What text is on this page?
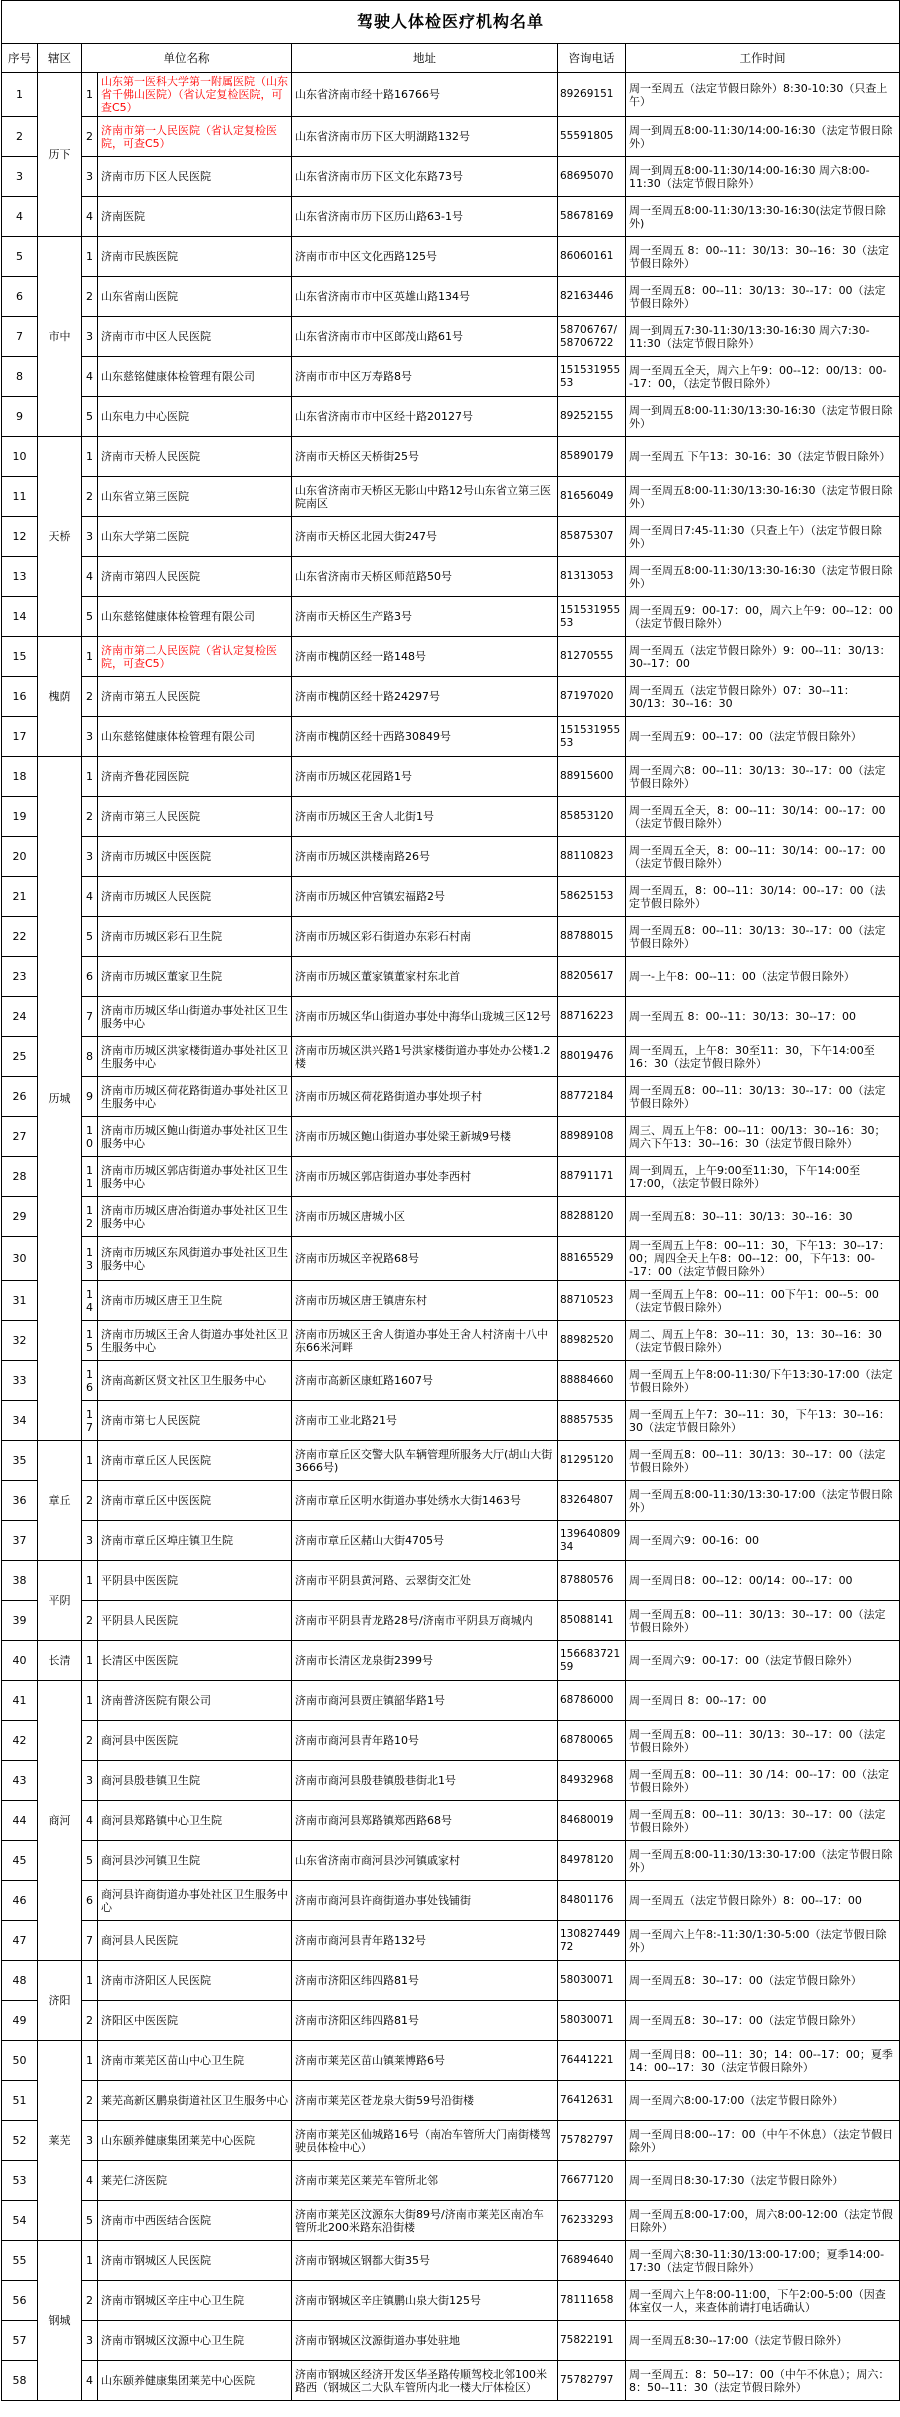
驾驶人体检医疗机构名单						
序号	辖区	单位名称		地址	咨询电话	工作时间
1	历下	1	山东第一医科大学第一附属医院（山东省千佛山医院）（省认定复检医院，可查C5）	山东省济南市经十路16766号	89269151	周一至周五（法定节假日除外）8:30-10:30（只查上午）
2		2	济南市第一人民医院（省认定复检医院，可查C5）	山东省济南市历下区大明湖路132号	55591805	周一到周五8:00-11:30/14:00-16:30（法定节假日除外）
3		3	济南市历下区人民医院	山东省济南市历下区文化东路73号	68695070	周一到周五8:00-11:30/14:00-16:30 周六8:00-11:30（法定节假日除外）
4		4	济南医院	山东省济南市历下区历山路63-1号	58678169	周一至周五8:00-11:30/13:30-16:30(法定节假日除外)
5	市中	1	济南市民族医院	济南市市中区文化西路125号	86060161	周一至周五 8：00--11：30/13：30--16：30（法定节假日除外）
6		2	山东省南山医院	山东省济南市市中区英雄山路134号	82163446	周一至周五8：00--11：30/13：30--17：00（法定节假日除外）
7		3	济南市市中区人民医院	山东省济南市市中区郎茂山路61号	58706767/58706722	周一到周五7:30-11:30/13:30-16:30 周六7:30-11:30（法定节假日除外）
8		4	山东慈铭健康体检管理有限公司	济南市市中区万寿路8号	15153195553	周一至周五全天，周六上午9：00--12：00/13：00--17：00，（法定节假日除外）
9		5	山东电力中心医院	山东省济南市市中区经十路20127号	89252155	周一到周五8:00-11:30/13:30-16:30（法定节假日除外）
10	天桥	1	济南市天桥人民医院	济南市天桥区天桥街25号	85890179	周一至周五 下午13：30-16：30（法定节假日除外）
11		2	山东省立第三医院	山东省济南市天桥区无影山中路12号山东省立第三医院南区	81656049	周一至周五8:00-11:30/13:30-16:30（法定节假日除外）
12		3	山东大学第二医院	济南市天桥区北园大街247号	85875307	周一至周日7:45-11:30（只查上午）（法定节假日除外）
13		4	济南市第四人民医院	山东省济南市天桥区师范路50号	81313053	周一至周五8:00-11:30/13:30-16:30（法定节假日除外）
14		5	山东慈铭健康体检管理有限公司	济南市天桥区生产路3号	15153195553	周一至周五9：00-17：00，周六上午9：00--12：00（法定节假日除外）
15	槐荫	1	济南市第二人民医院（省认定复检医院，可查C5）	济南市槐荫区经一路148号	81270555	周一至周五（法定节假日除外）9：00--11：30/13：30--17：00
16		2	济南市第五人民医院	济南市槐荫区经十路24297号	87197020	周一至周五（法定节假日除外）07：30--11：30/13：30--16：30
17		3	山东慈铭健康体检管理有限公司	济南市槐荫区经十西路30849号	15153195553	周一至周五9：00--17：00（法定节假日除外）
18	历城	1	济南齐鲁花园医院	济南市历城区花园路1号	88915600	周一至周六8：00--11：30/13：30--17：00（法定节假日除外）
19		2	济南市第三人民医院	济南市历城区王舍人北街1号	85853120	周一至周五全天，8：00--11：30/14：00--17：00（法定节假日除外）
20		3	济南市历城区中医医院	济南市历城区洪楼南路26号	88110823	周一至周五全天，8：00--11：30/14：00--17：00（法定节假日除外）
21		4	济南市历城区人民医院	济南市历城区仲宫镇宏福路2号	58625153	周一至周五，8：00--11：30/14：00--17：00（法定节假日除外）
22		5	济南市历城区彩石卫生院	济南市历城区彩石街道办东彩石村南	88788015	周一至周五8：00--11：30/13：30--17：00（法定节假日除外）
23		6	济南市历城区董家卫生院	济南市历城区董家镇董家村东北首	88205617	周一-上午8：00--11：00（法定节假日除外）
24		7	济南市历城区华山街道办事处社区卫生服务中心	济南市历城区华山街道办事处中海华山珑城三区12号	88716223	周一至周五 8：00--11：30/13：30--17：00
25		8	济南市历城区洪家楼街道办事处社区卫生服务中心	济南市历城区洪兴路1号洪家楼街道办事处办公楼1.2楼	88019476	周一至周五，上午8：30至11：30，下午14:00至16：30（法定节假日除外）
26		9	济南市历城区荷花路街道办事处社区卫生服务中心	济南市历城区荷花路街道办事处坝子村	88772184	周一至周五8：00--11：30/13：30--17：00（法定节假日除外）
27		10	济南市历城区鲍山街道办事处社区卫生服务中心	济南市历城区鲍山街道办事处梁王新城9号楼	88989108	周三、周五上午8：00--11：00/13：30--16：30；周六下午13：30--16：30（法定节假日除外）
28		11	济南市历城区郭店街道办事处社区卫生服务中心	济南市历城区郭店街道办事处李西村	88791171	周一到周五，上午9:00至11:30，下午14:00至17:00，（法定节假日除外）
29		12	济南市历城区唐冶街道办事处社区卫生服务中心	济南市历城区唐城小区	88288120	周一至周五8：30--11：30/13：30--16：30
30		13	济南市历城区东风街道办事处社区卫生服务中心	济南市历城区辛祝路68号	88165529	周一至周五上午8：00--11：30，下午13：30--17：00；周四全天上午8：00--12：00，下午13：00--17：00（法定节假日除外）
31		14	济南市历城区唐王卫生院	济南市历城区唐王镇唐东村	88710523	周一至周五上午8：00--11：00下午1：00--5：00（法定节假日除外）
32		15	济南市历城区王舍人街道办事处社区卫生服务中心	济南市历城区王舍人街道办事处王舍人村济南十八中东66米河畔	88982520	周二、周五上午8：30--11：30，13：30--16：30（法定节假日除外）
33		16	济南高新区贤文社区卫生服务中心	济南市高新区康虹路1607号	88884660	周一至周五上午8:00-11:30/下午13:30-17:00（法定节假日除外）
34		17	济南市第七人民医院	济南市工业北路21号	88857535	周一至周五上午7：30--11：30，下午13：30--16：30（法定节假日除外）
35	章丘	1	济南市章丘区人民医院	济南市章丘区交警大队车辆管理所服务大厅(胡山大街3666号)	81295120	周一至周五8：00--11：30/13：30--17：00（法定节假日除外）
36		2	济南市章丘区中医医院	济南市章丘区明水街道办事处绣水大街1463号	83264807	周一至周五8:00-11:30/13:30-17:00（法定节假日除外）
37		3	济南市章丘区埠庄镇卫生院	济南市章丘区赭山大街4705号	13964080934	周一至周六9：00-16：00
38	平阴	1	平阴县中医医院	济南市平阴县黄河路、云翠街交汇处	87880576	周一至周日8：00--12：00/14：00--17：00
39		2	平阴县人民医院	济南市平阴县青龙路28号/济南市平阴县万商城内	85088141	周一至周五8：00--11：30/13：30--17：00（法定节假日除外）
40	长清	1	长清区中医医院	济南市长清区龙泉街2399号	15668372159	周一至周六9：00-17：00（法定节假日除外）
41	商河	1	济南普济医院有限公司	济南市商河县贾庄镇韶华路1号	68786000	周一至周日 8：00--17：00
42		2	商河县中医医院	济南市商河县青年路10号	68780065	周一至周五8：00--11：30/13：30--17：00（法定节假日除外）
43		3	商河县殷巷镇卫生院	济南市商河县殷巷镇殷巷街北1号	84932968	周一至周五8：00--11：30 /14：00--17：00（法定节假日除外）
44		4	商河县郑路镇中心卫生院	济南市商河县郑路镇郑西路68号	84680019	周一至周五8：00--11：30/13：30--17：00（法定节假日除外）
45		5	商河县沙河镇卫生院	山东省济南市商河县沙河镇戚家村	84978120	周一至周五8:00-11:30/13:30-17:00（法定节假日除外）
46		6	商河县许商街道办事处社区卫生服务中心	济南市商河县许商街道办事处钱铺街	84801176	周一至周五（法定节假日除外）8：00--17：00
47		7	商河县人民医院	济南市商河县青年路132号	13082744972	周一至周六上午8:-11:30/1:30-5:00（法定节假日除外）
48	济阳	1	济南市济阳区人民医院	济南市济阳区纬四路81号	58030071	周一至周五8：30--17：00（法定节假日除外）
49		2	济阳区中医医院	济南市济阳区纬四路81号	58030071	周一至周五8：30--17：00（法定节假日除外）
50	莱芜	1	济南市莱芜区苗山中心卫生院	济南市莱芜区苗山镇莱博路6号	76441221	周一至周日8：00--11：30；14：00--17：00；夏季14：00--17：30（法定节假日除外）
51		2	莱芜高新区鹏泉街道社区卫生服务中心	济南市莱芜区苍龙泉大街59号沿街楼	76412631	周一至周六8:00-17:00（法定节假日除外）
52		3	山东颐养健康集团莱芜中心医院	济南市莱芜区仙城路16号（南冶车管所大门南街楼驾驶员体检中心）	75782797	周一至周日8:00--17：00（中午不休息）（法定节假日除外）
53		4	莱芜仁济医院	济南市莱芜区莱芜车管所北邻	76677120	周一至周日8:30-17:30（法定节假日除外）
54		5	济南市中西医结合医院	济南市莱芜区汶源东大街89号/济南市莱芜区南冶车管所北200米路东沿街楼	76233293	周一至周五8:00-17:00，周六8:00-12:00（法定节假日除外）
55	钢城	1	济南市钢城区人民医院	济南市钢城区钢都大街35号	76894640	周一至周六8:30-11:30/13:00-17:00；夏季14:00-17:30（法定节假日除外）
56		2	济南市钢城区辛庄中心卫生院	济南市钢城区辛庄镇鹏山泉大街125号	78111658	周一至周六上午8:00-11:00，下午2:00-5:00（因查体室仅一人，来查体前请打电话确认）
57		3	济南市钢城区汶源中心卫生院	济南市钢城区汶源街道办事处驻地	75822191	周一至周五8:30--17:00（法定节假日除外）
58		4	山东颐养健康集团莱芜中心医院	济南市钢城区经济开发区华圣路传顺驾校北邻100米路西（钢城区二大队车管所内北一楼大厅体检区）	75782797	周一至周五：8：50--17：00（中午不休息）；周六：8：50--11：30（法定节假日除外）
